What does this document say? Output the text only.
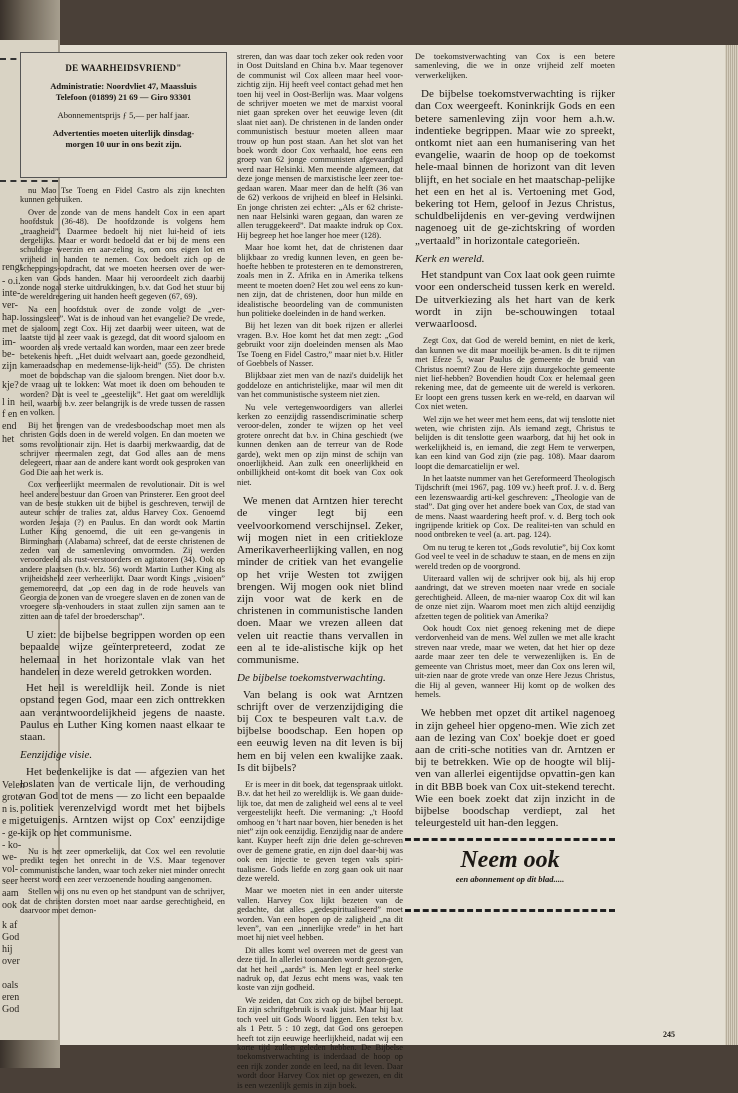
rengt
- o.i.
inte-
ver-
hap.
met
im-
be-
zijn
kje?
l in
f en
end
het
Velen
grote
n is.
e mi
- ge-
- ko-
we-
vol-
seer
aam
ook
k af
God
hij
over
oals
eren
God
DE WAARHEIDSVRIEND"
Administratie: Noordvliet 47, Maassluis
Telefoon (01899) 21 69 — Giro 93301
Abonnementsprijs ƒ 5,— per half jaar.
Advertenties moeten uiterlijk dinsdag-
morgen 10 uur in ons bezit zijn.

nu Mao Tse Toeng en Fidel Castro als zijn knechten kunnen gebruiken.

Over de zonde van de mens handelt Cox in een apart hoofdstuk (36-48). De hoofdzonde is volgens hem „traagheid”. Daarmee bedoelt hij niet lui-heid of iets dergelijks. Maar er wordt bedoeld dat er bij de mens een schuldige weerzin en aar-zeling is, om ons eigen lot en vrijheid in handen te nemen. Cox bedoelt zich op de scheppings-opdracht, dat we moeten heersen over de wer-ken van Gods handen. Maar hij veroordeelt zich daarbij zonde nogal sterke uitdrukkingen, b.v. dat God het stuur bij de wereldregering uit handen heeft gegeven (67, 69).

Na een hoofdstuk over de zonde volgt de „ver-lossingsleer”. Wat is de inhoud van het evangelie? De vrede, de sjaloom, zegt Cox. Hij zet daarbij weer uiteen, wat de laatste tijd al zeer vaak is gezegd, dat dit woord sjaloom en woorden als vrede vertaald kan worden, maar een zeer brede betekenis heeft. „Het duidt welvaart aan, goede gezondheid, kameraadschap en medemense-lijk-heid” (55). De christen moet de boodschap van die sjaloom brengen. Niet door b.v. de vraag uit te lokken: Wat moet ik doen om behouden te worden? Dat is veel te „geestelijk”. Het gaat om wereldlijk heil, waarbij b.v. zeer belangrijk is de vrede tussen de rassen en volken.

Bij het brengen van de vredesboodschap moet men als christen Gods doen in de wereld volgen. En dan moeten we soms revolutionair zijn. Het is daarbij merkwaardig, dat de schrijver meermalen zegt, dat God alles aan de mens delegeert, maar aan de andere kant wordt ook gesproken van God Die aan het werk is.

Cox verheerlijkt meermalen de revolutionair. Dit is wel heel andere bestuur dan Groen van Prinsterer. Een groot deel van de beste stukken uit de bijbel is geschreven, terwijl de auteur schter de tralies zat, aldus Harvey Cox. Genoemd worden Jesaja (?) en Paulus. En dan wordt ook Martin Luther King genoemd, die uit een ge-vangenis in Birmingham (Alabama) schreef, dat de eerste christenen de zeden van de samenleving omvormden. Zij werden veroordeeld als rust-verstoorders en agitatoren (34). Ook op andere plaatsen (b.v. blz. 56) wordt Martin Luther King als vrijheidsheld zeer verheerlijkt. Daar wordt Kings „visioen” gememoreerd, dat „op een dag in de rode heuvels van Georgia de zonen van de vroegere slaven en de zonen van de vroegere sla-venhouders in staat zullen zijn samen aan te zitten aan de tafel der broederschap”.

U ziet: de bijbelse begrippen worden op een bepaalde wijze geïnterpreteerd, zodat ze helemaal in het horizontale vlak van het handelen in deze wereld getrokken worden.

Het heil is wereldlijk heil. Zonde is niet opstand tegen God, maar een zich onttrekken aan verantwoordelijkheid jegens de naaste. Paulus en Luther King komen naast elkaar te staan.

Eenzijdige visie.

Het bedenkelijke is dat — afgezien van het loslaten van de verticale lijn, de verhouding van God tot de mens — zo licht een bepaalde politiek verenzelvigd wordt met het bijbels getuigenis. Arntzen wijst op Cox' eenzijdige kijk op het communisme.

Nu is het zeer opmerkelijk, dat Cox wel een revolutie predikt tegen het onrecht in de V.S. Maar tegenover communistische landen, waar toch zeker niet minder onrecht heerst wordt een zeer verzoenende houding aangenomen.

Stellen wij ons nu even op het standpunt van de schrijver, dat de christen dorsten moet naar aardse gerechtigheid, en daarvoor moet demon-

streren, dan was daar toch zeker ook reden voor in Oost Duitsland en China b.v. Maar tegenover de communist wil Cox alleen maar heel voor-zichtig zijn. Hij heeft veel contact gehad met hen toen hij veel in Oost-Berlijn was. Maar volgens de schrijver moeten we met de marxist vooral niet gaan spreken over het eeuwige leven (dit slaat niet aan). De christenen in de landen onder communistisch bestuur moeten alleen maar trouw op hun post staan. Aan het slot van het boek wordt door Cox verhaald, hoe eens een groep van 62 jonge communisten afgevaardigd werd naar Helsinki. Men meende algemeen, dat deze jonge mensen de marxistische leer zeer toe-gedaan waren. Maar meer dan de helft (36 van de 62) verkoos de vrijheid en bleef in Helsinki. En jonge christen zei echter: „Als er 62 christe-nen naar Helsinki waren gegaan, dan waren ze allen teruggekeerd”. Dat maakte indruk op Cox. Hij begreep het hoe langer hoe meer (128).

Maar hoe komt het, dat de christenen daar blijkbaar zo vredig kunnen leven, en geen be-hoefte hebben te protesteren en te demonstreren, zoals men in Z. Afrika en in Amerika telkens meent te moeten doen? Het zou wel eens zo kun-nen zijn, dat de christenen, door hun milde en idealistische beoordeling van de communisten hun politieke doeleinden in de hand werken.

Bij het lezen van dit boek rijzen er allerlei vragen. B.v. Hoe komt het dat men zegt: „God gebruikt voor zijn doeleinden mensen als Mao Tse Toeng en Fidel Castro,” maar niet b.v. Hitler of Goebbels of Nasser.

Blijkbaar ziet men van de nazi's duidelijk het goddeloze en antichristelijke, maar wil men dit van het communistische systeem niet zien.

Nu vele vertegenwoordigers van allerlei kerken zo eenzijdig rassendiscriminatie scherp veroor-delen, zonder te wijzen op het veel grotere onrecht dat b.v. in China geschiedt (we kunnen denken aan de terreur van de Rode garde), wekt men op zijn minst de schijn van onoerlijkheid. Aan zulk een oneerlijkheid en onbillijkheid ont-komt dit boek van Cox ook niet.

We menen dat Arntzen hier terecht de vinger legt bij een veelvoorkomend verschijnsel. Zeker, wij mogen niet in een critiekloze Amerikaverheerlijking vallen, en nog minder de critiek van het evangelie op het vrije Westen tot zwijgen brengen. Wij mogen ook niet blind zijn voor wat de kerk en de christenen in communistische landen doen. Maar we vrezen alleen dat velen uit reactie thans vervallen in een al te ide-alistische kijk op het communisme.

De bijbelse toekomstverwachting.

Van belang is ook wat Arntzen schrijft over de verzenzijdiging die bij Cox te bespeuren valt t.a.v. de bijbelse boodschap. Een hopen op een eeuwig leven na dit leven is bij hem en bij velen een kwalijke zaak. Is dit bijbels?

Er is meer in dit boek, dat tegenspraak uitlokt. B.v. dat het heil zo wereldlijk is. We gaan duide-lijk toe, dat men de zaligheid wel eens al te veel vergeestelijkt heeft. Die vermaning: „'t Hoofd omhoog en 't hart naar boven, hier beneden is het niet” zijn ook eenzijdig. Eenzijdig naar de andere kant. Kuyper heeft zijn drie delen ge-schreven over de gemene gratie, en zijn doel daar-bij was ook een injectie te geven tegen vals spiri-tualisme. Gods liefde en zorg gaan ook uit naar deze wereld.

Maar we moeten niet in een ander uiterste vallen. Harvey Cox lijkt bezeten van de gedachte, dat alles „gedespiritualiseerd” moet worden. Van een hopen op de zaligheid „na dit leven”, van een „innerlijke vrede” in het hart moet hij niet veel hebben.

Dit alles komt wel overeen met de geest van deze tijd. In allerlei toonaarden wordt gezon-gen, dat het heil „aards” is. Men legt er heel sterke nadruk op, dat Jezus echt mens was, vaak ten koste van zijn godheid.

We zeiden, dat Cox zich op de bijbel beroept. En zijn schriftgebruik is vaak juist. Maar hij laat toch veel uit Gods Woord liggen. Een tekst b.v. als 1 Petr. 5 : 10 zegt, dat God ons geroepen heeft tot zijn eeuwige heerlijkheid, nadat wij een korte tijd zullen geleden hebben. De Bijbelse toekomstverwachting is inderdaad de hoop op een rijk zonder zonde en leed, na dit leven. Daar wordt door Harvey Cox niet op gewezen, en dit is een wezenlijk gemis in zijn boek.

De toekomstverwachting van Cox is een betere samenleving, die we in onze vrijheid zelf moeten verwerkelijken.

De bijbelse toekomstverwachting is rijker dan Cox weergeeft. Koninkrijk Gods en een betere samenleving zijn voor hem a.h.w. indentieke begrippen. Maar wie zo spreekt, ontkomt niet aan een humanisering van het evangelie, waarin de hoop op de toekomst hele-maal binnen de horizont van dit leven blijft, en het sociale en het maatschap-pelijke het een en het al is. Vertoening met God, bekering tot Hem, geloof in Jezus Christus, schuldbelijdenis en ver-geving verdwijnen nagenoeg uit de ge-zichtskring of worden „vertaald” in horizontale categorieën.

Kerk en wereld.

Het standpunt van Cox laat ook geen ruimte voor een onderscheid tussen kerk en wereld. De uitverkiezing als het hart van de kerk wordt in zijn be-schouwingen totaal verwaarloosd.

Zegt Cox, dat God de wereld bemint, en niet de kerk, dan kunnen we dit maar moeilijk be-amen. Is dit te rijmen met Efeze 5, waar Paulus de gemeente de bruid van Christus noemt? Zou de Here zijn duurgekochte gemeente niet lief-hebben? Bovendien houdt Cox er helemaal geen rekening mee, dat de gemeente uit de wereld is verkoren. Er loopt een grens tussen kerk en we-reld, en daarvan wil Cox niet weten.

Wel zijn we het weer met hem eens, dat wij tenslotte niet weten, wie christen zijn. Als iemand zegt, Christus te belijden is dit tenslotte geen waarborg, dat hij het ook in werkelijkheid is, en iemand, die zegt Hem te verwerpen, kan een kind van God zijn (zie pag. 108). Maar daarom loopt die demarcatielijn er wel.

In het laatste nummer van het Gereformeerd Theologisch Tijdschrift (mei 1967, pag. 109 vv.) heeft prof. J. v. d. Berg een lezenswaardig arti-kel geschreven: „Theologie van de stad”. Dat ging over het andere boek van Cox, de stad van de mens. Naast waardering heeft prof. v. d. Berg toch ook ingrijpende kritiek op Cox. De realitei-ten van schuld en nood ontbreken te veel (a. art. pag. 124).

Om nu terug te keren tot „Gods revolutie”, bij Cox komt God veel te veel in de schaduw te staan, en de mens en zijn wereld treden op de voorgrond.

Uiteraard vallen wij de schrijver ook bij, als hij erop aandringt, dat we streven moeten naar vrede en sociale gerechtigheid. Alleen, de ma-nier waarop Cox dit wil kan de onze niet zijn. Waarom moet men zich altijd eenzijdig afzetten tegen de politiek van Amerika?

Ook houdt Cox niet genoeg rekening met de diepe verdorvenheid van de mens. Wel zullen we met alle kracht streven naar vrede, maar we weten, dat het hier op deze aarde maar zeer ten dele te verwezenlijken is. En de gemeente van Christus moet, meer dan Cox ons leren wil, uit-zien naar de grote vrede van onze Here Jezus Christus, die Hij al geven, wanneer Hij komt op de wolken des hemels.

We hebben met opzet dit artikel nagenoeg in zijn geheel hier opgeno-men. Wie zich zet aan de lezing van Cox' boekje doet er goed aan de criti-sche notities van dr. Arntzen er bij te betrekken. Wie op de hoogte wil blij-ven van allerlei eigentijdse opvattin-gen kan in dit BBB boek van Cox uit-stekend terecht. Wie een boek zoekt dat zijn inzicht in de bijbelse boodschap verdiept, zal het teleurgesteld uit han-den leggen.

Neem ook
een abonnement op dit blad.....
245
